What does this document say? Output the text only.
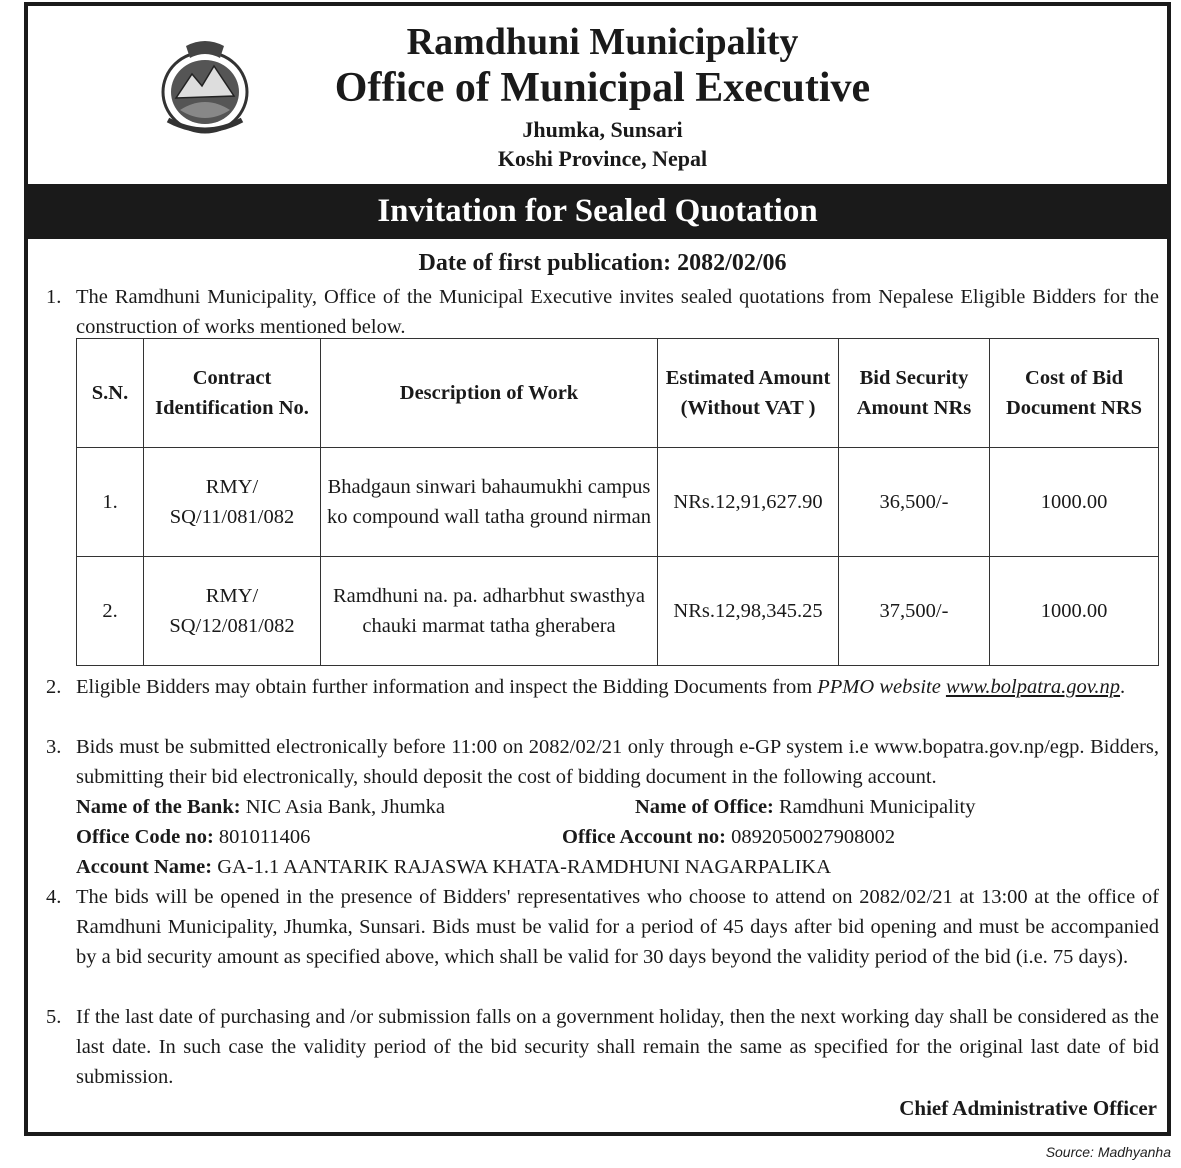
Ramdhuni Municipality
Office of Municipal Executive
Jhumka, Sunsari
Koshi Province, Nepal
Invitation for Sealed Quotation
Date of first publication: 2082/02/06
1. The Ramdhuni Municipality, Office of the Municipal Executive invites sealed quotations from Nepalese Eligible Bidders for the construction of works mentioned below.
S.N.	Contract Identification No.	Description of Work	Estimated Amount (Without VAT )	Bid Security Amount NRs	Cost of Bid Document NRS
1.	RMY/ SQ/11/081/082	Bhadgaun sinwari bahaumukhi campus ko compound wall tatha ground nirman	NRs.12,91,627.90	36,500/-	1000.00
2.	RMY/ SQ/12/081/082	Ramdhuni na. pa. adharbhut swasthya chauki marmat tatha gherabera	NRs.12,98,345.25	37,500/-	1000.00
2. Eligible Bidders may obtain further information and inspect the Bidding Documents from PPMO website www.bolpatra.gov.np.
3. Bids must be submitted electronically before 11:00 on 2082/02/21 only through e-GP system i.e www.bopatra.gov.np/egp. Bidders, submitting their bid electronically, should deposit the cost of bidding document in the following account.
Name of the Bank: NIC Asia Bank, Jhumka	Name of Office: Ramdhuni Municipality
Office Code no: 801011406	Office Account no: 0892050027908002
Account Name: GA-1.1 AANTARIK RAJASWA KHATA-RAMDHUNI NAGARPALIKA
4. The bids will be opened in the presence of Bidders' representatives who choose to attend on 2082/02/21 at 13:00 at the office of Ramdhuni Municipality, Jhumka, Sunsari. Bids must be valid for a period of 45 days after bid opening and must be accompanied by a bid security amount as specified above, which shall be valid for 30 days beyond the validity period of the bid (i.e. 75 days).
5. If the last date of purchasing and /or submission falls on a government holiday, then the next working day shall be considered as the last date. In such case the validity period of the bid security shall remain the same as specified for the original last date of bid submission.
Chief Administrative Officer
Source: Madhyanha
